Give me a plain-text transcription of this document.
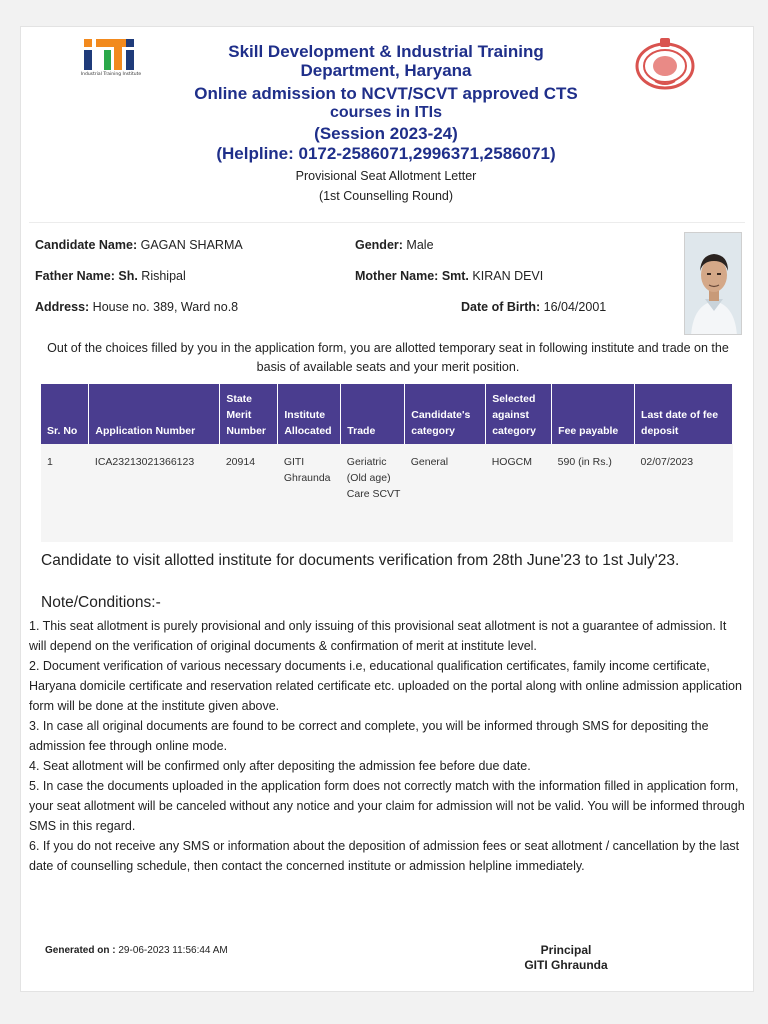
Industrial Training Institute
Skill Development & Industrial Training
Department, Haryana
Online admission to NCVT/SCVT approved CTS
courses in ITIs
(Session 2023-24)
(Helpline: 0172-2586071,2996371,2586071)
Provisional Seat Allotment Letter
(1st Counselling Round)
Candidate Name: GAGAN SHARMA	Gender: Male
Father Name: Sh. Rishipal	Mother Name: Smt. KIRAN DEVI
Address: House no. 389, Ward no.8	Date of Birth: 16/04/2001
Out of the choices filled by you in the application form, you are allotted temporary seat in following institute and trade on the basis of available seats and your merit position.
Sr. No	Application Number	State Merit Number	Institute Allocated	Trade	Candidate's category	Selected against category	Fee payable	Last date of fee deposit
1	ICA23213021366123	20914	GITI Ghraunda	Geriatric (Old age) Care SCVT	General	HOGCM	590 (in Rs.)	02/07/2023
Candidate to visit allotted institute for documents verification from 28th June'23 to 1st July'23.
Note/Conditions:-
1. This seat allotment is purely provisional and only issuing of this provisional seat allotment is not a guarantee of admission. It will depend on the verification of original documents & confirmation of merit at institute level.
2. Document verification of various necessary documents i.e, educational qualification certificates, family income certificate, Haryana domicile certificate and reservation related certificate etc. uploaded on the portal along with online admission application form will be done at the institute given above.
3. In case all original documents are found to be correct and complete, you will be informed through SMS for depositing the admission fee through online mode.
4. Seat allotment will be confirmed only after depositing the admission fee before due date.
5. In case the documents uploaded in the application form does not correctly match with the information filled in application form, your seat allotment will be canceled without any notice and your claim for admission will not be valid. You will be informed through SMS in this regard.
6. If you do not receive any SMS or information about the deposition of admission fees or seat allotment / cancellation by the last date of counselling schedule, then contact the concerned institute or admission helpline immediately.
Generated on : 29-06-2023 11:56:44 AM	Principal
GITI Ghraunda
